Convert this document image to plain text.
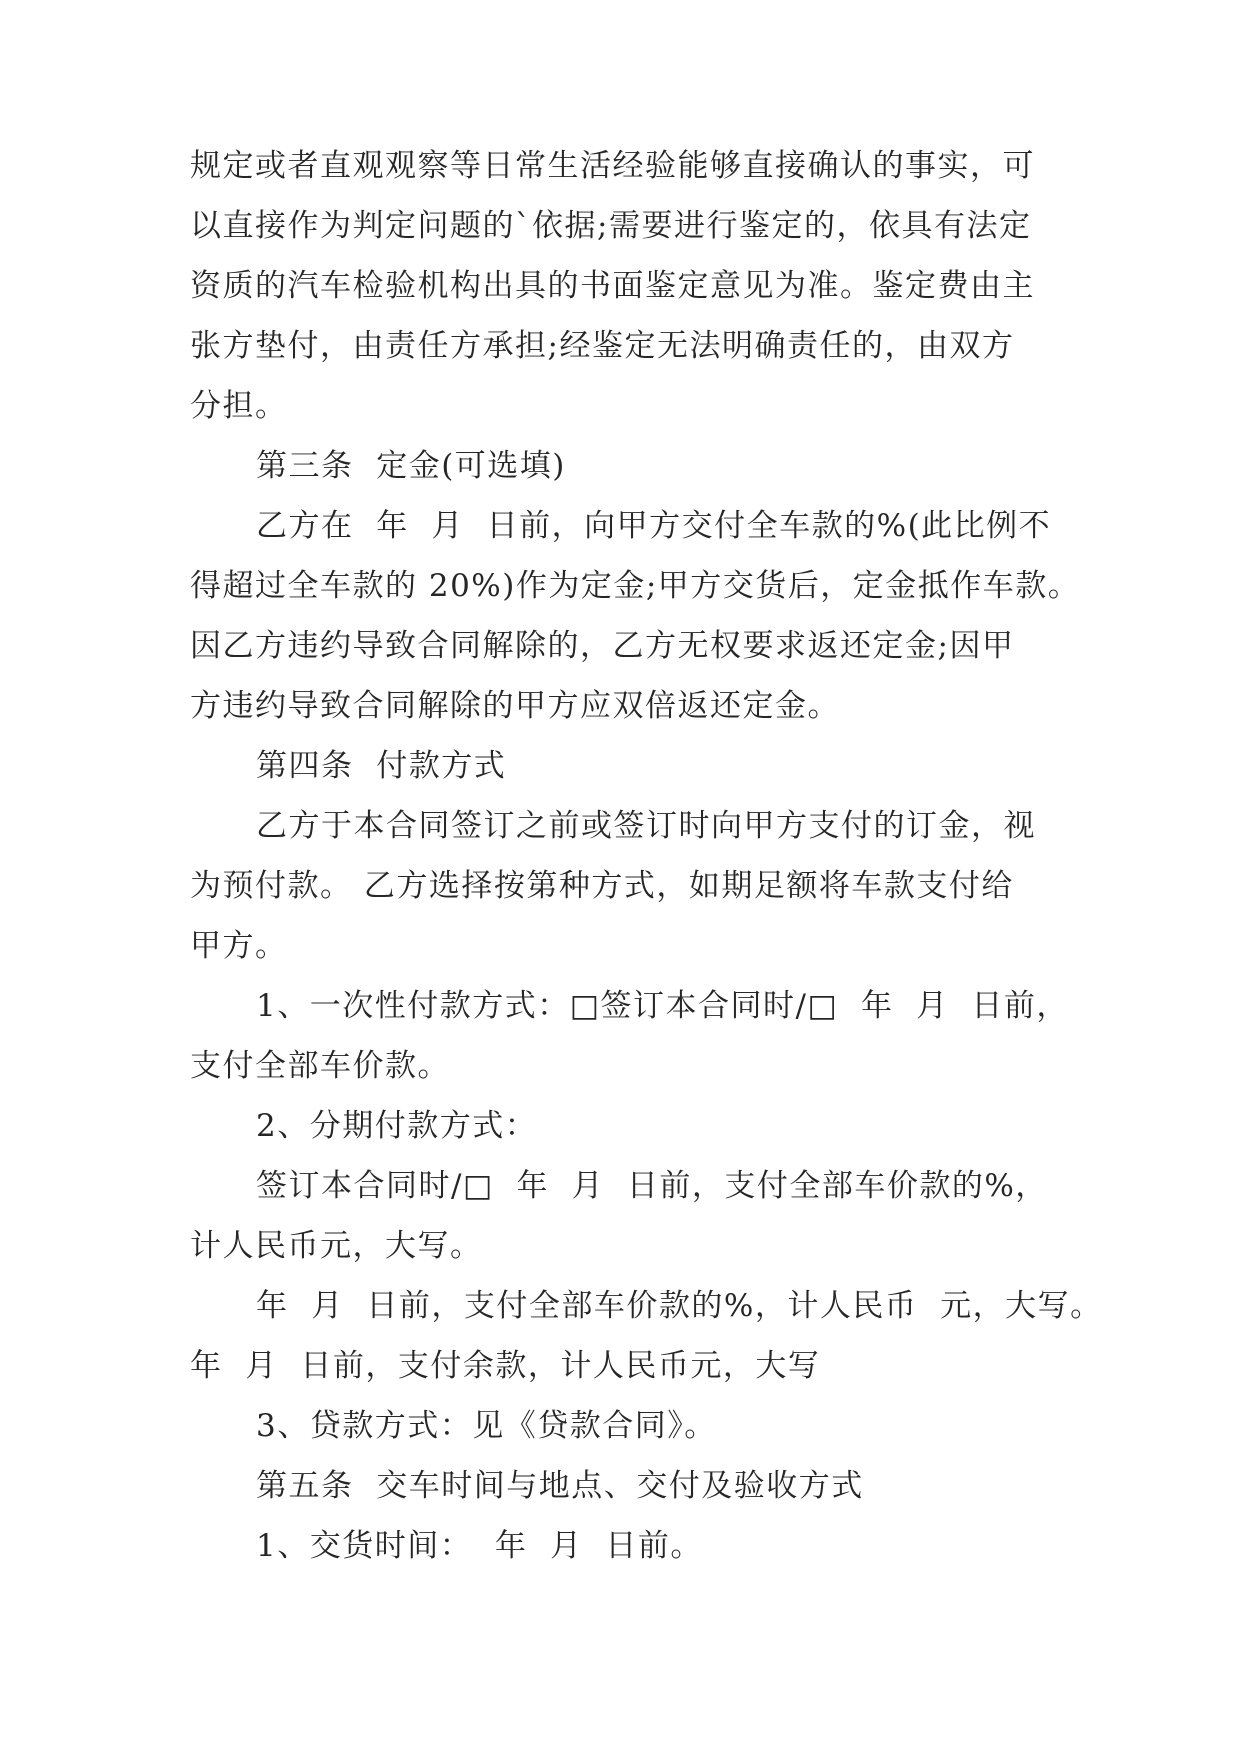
规定或者直观观察等日常生活经验能够直接确认的事实，可
以直接作为判定问题的`依据;需要进行鉴定的，依具有法定
资质的汽车检验机构出具的书面鉴定意见为准。鉴定费由主
张方垫付，由责任方承担;经鉴定无法明确责任的，由双方
分担。
第三条  定金(可选填)
乙方在  年  月  日前，向甲方交付全车款的%(此比例不
得超过全车款的 20%)作为定金;甲方交货后，定金抵作车款。
因乙方违约导致合同解除的，乙方无权要求返还定金;因甲
方违约导致合同解除的甲方应双倍返还定金。
第四条  付款方式
乙方于本合同签订之前或签订时向甲方支付的订金，视
为预付款。 乙方选择按第种方式，如期足额将车款支付给
甲方。
1、一次性付款方式：□签订本合同时/□  年  月  日前，
支付全部车价款。
2、分期付款方式：
签订本合同时/□  年  月  日前，支付全部车价款的%，
计人民币元，大写。
年  月  日前，支付全部车价款的%，计人民币  元，大写。
年  月  日前，支付余款，计人民币元，大写
3、贷款方式：见《贷款合同》。
第五条  交车时间与地点、交付及验收方式
1、交货时间：  年  月  日前。
